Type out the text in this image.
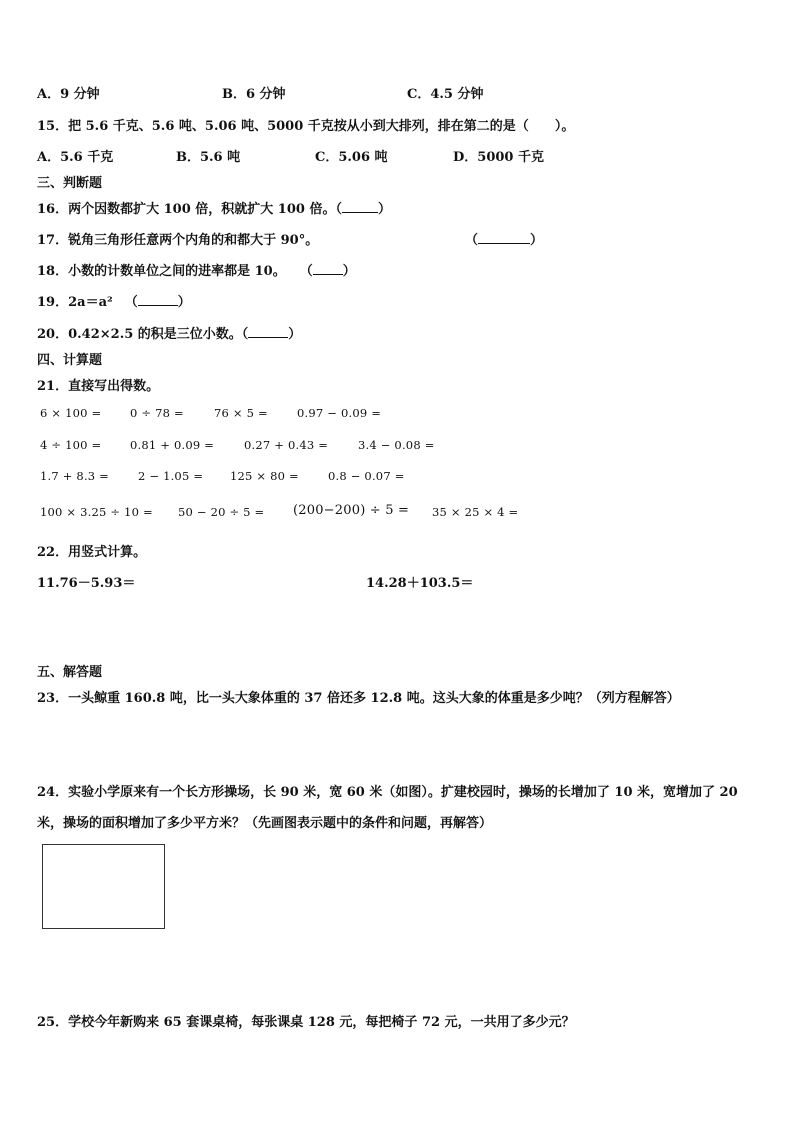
A．9 分钟	B．6 分钟	C．4.5 分钟
15．把 5.6 千克、5.6 吨、5.06 吨、5000 千克按从小到大排列，排在第二的是（ ）。
A．5.6 千克	B．5.6 吨	C．5.06 吨	D．5000 千克
三、判断题
16．两个因数都扩大 100 倍，积就扩大 100 倍。（	）
17．锐角三角形任意两个内角的和都大于 90°。	（	）
18．小数的计数单位之间的进率都是 10。 （ ）
19．2a＝a² （	）
20．0.42×2.5 的积是三位小数。（	）
四、计算题
21．直接写出得数。
6 × 100 = 0 ÷ 78 =	76 × 5 =	0.97 − 0.09 =
4 ÷ 100 = 0.81 + 0.09 =	0.27 + 0.43 =	3.4 − 0.08 =
1.7 + 8.3 =	2 − 1.05 = 125 × 80 =	0.8 − 0.07 =
100 × 3.25 ÷ 10 = 50 − 20 ÷ 5 = (200−200) ÷ 5 = 35 × 25 × 4 =
22．用竖式计算。
11.76－5.93＝	14.28＋103.5＝
五、解答题
23．一头鲸重 160.8 吨，比一头大象体重的 37 倍还多 12.8 吨。这头大象的体重是多少吨？（列方程解答）
24．实验小学原来有一个长方形操场，长 90 米，宽 60 米（如图）。扩建校园时，操场的长增加了 10 米，宽增加了 20
米，操场的面积增加了多少平方米？（先画图表示题中的条件和问题，再解答）
25．学校今年新购来 65 套课桌椅，每张课桌 128 元，每把椅子 72 元，一共用了多少元？
